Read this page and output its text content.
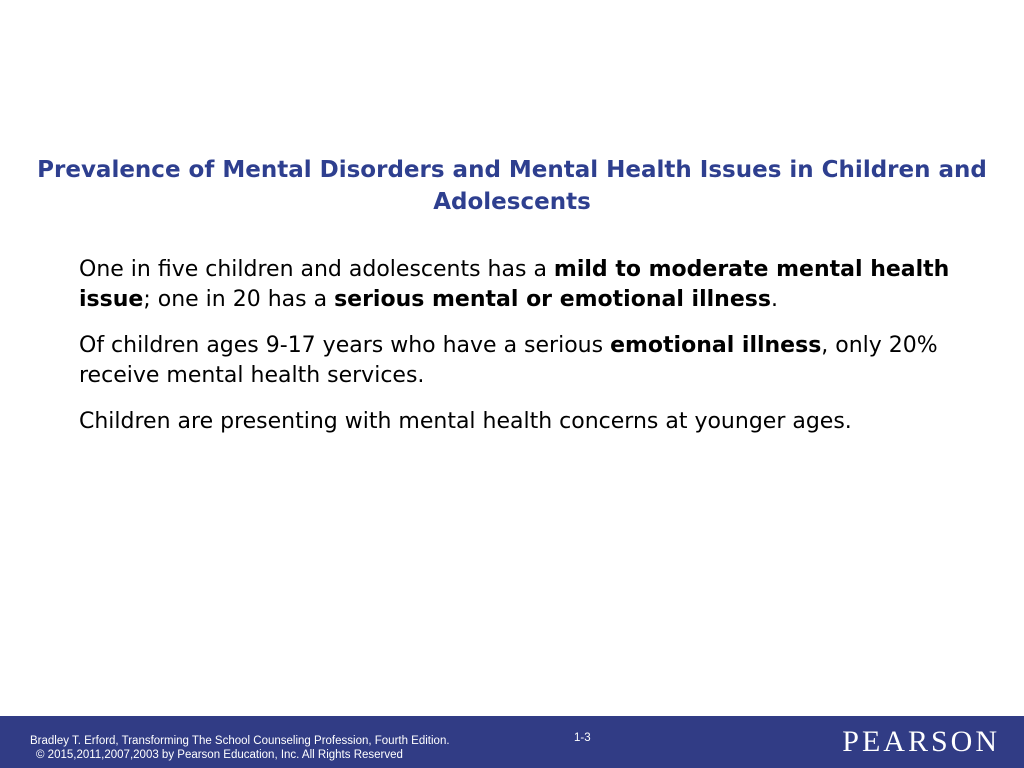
Prevalence of Mental Disorders and Mental Health Issues in Children and Adolescents

One in five children and adolescents has a mild to moderate mental health issue; one in 20 has a serious mental or emotional illness.

Of children ages 9-17 years who have a serious emotional illness, only 20% receive mental health services.

Children are presenting with mental health concerns at younger ages.

Bradley T. Erford, Transforming The School Counseling Profession, Fourth Edition.
© 2015,2011,2007,2003 by Pearson Education, Inc. All Rights Reserved
1-3	PEARSON
